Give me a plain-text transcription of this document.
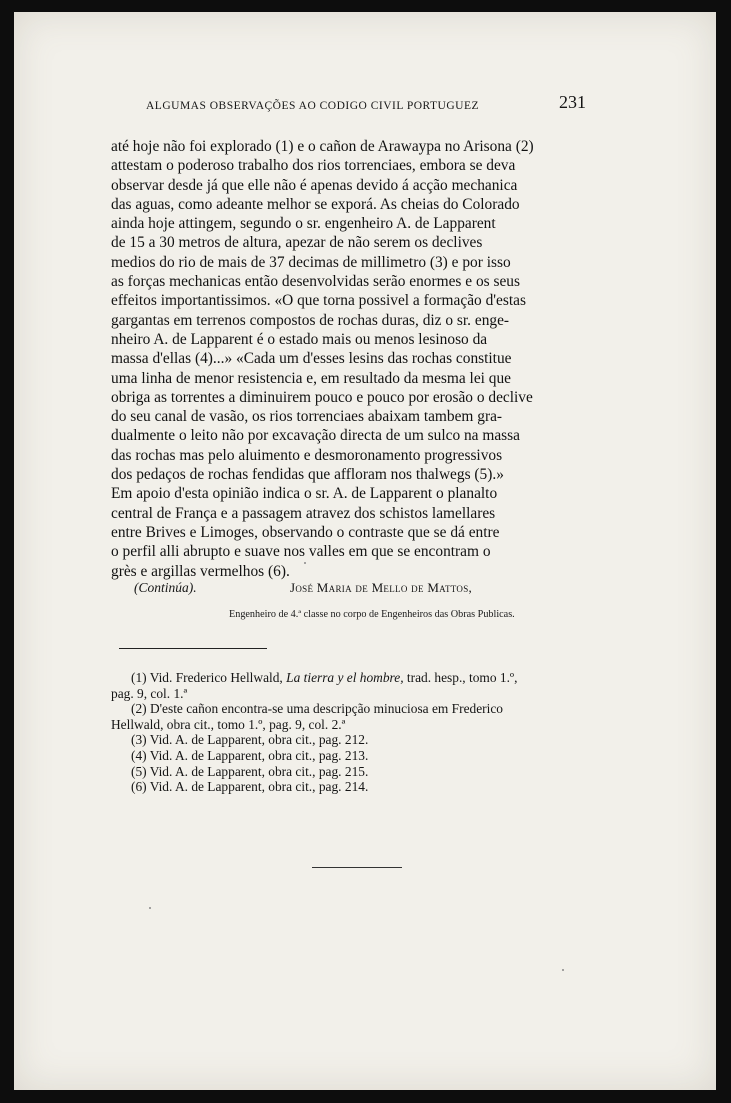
ALGUMAS OBSERVAÇÕES AO CODIGO CIVIL PORTUGUEZ	231
até hoje não foi explorado (1) e o cañon de Arawaypa no Arisona (2)
attestam o poderoso trabalho dos rios torrenciaes, embora se deva
observar desde já que elle não é apenas devido á acção mechanica
das aguas, como adeante melhor se exporá. As cheias do Colorado
ainda hoje attingem, segundo o sr. engenheiro A. de Lapparent
de 15 a 30 metros de altura, apezar de não serem os declives
medios do rio de mais de 37 decimas de millimetro (3) e por isso
as forças mechanicas então desenvolvidas serão enormes e os seus
effeitos importantissimos. «O que torna possivel a formação d'estas
gargantas em terrenos compostos de rochas duras, diz o sr. enge-
nheiro A. de Lapparent é o estado mais ou menos lesinoso da
massa d'ellas (4)...» «Cada um d'esses lesins das rochas constitue
uma linha de menor resistencia e, em resultado da mesma lei que
obriga as torrentes a diminuirem pouco e pouco por erosão o declive
do seu canal de vasão, os rios torrenciaes abaixam tambem gra-
dualmente o leito não por excavação directa de um sulco na massa
das rochas mas pelo aluimento e desmoronamento progressivos
dos pedaços de rochas fendidas que affloram nos thalwegs (5).»
Em apoio d'esta opinião indica o sr. A. de Lapparent o planalto
central de França e a passagem atravez dos schistos lamellares
entre Brives e Limoges, observando o contraste que se dá entre
o perfil alli abrupto e suave nos valles em que se encontram o
grès e argillas vermelhos (6).
(Continúa).	José Maria de Mello de Mattos,
Engenheiro de 4.ª classe no corpo de Engenheiros das Obras Publicas.

(1) Vid. Frederico Hellwald, La tierra y el hombre, trad. hesp., tomo 1.º,
pag. 9, col. 1.ª

(2) D'este cañon encontra-se uma descripção minuciosa em Frederico
Hellwald, obra cit., tomo 1.º, pag. 9, col. 2.ª

(3) Vid. A. de Lapparent, obra cit., pag. 212.

(4) Vid. A. de Lapparent, obra cit., pag. 213.

(5) Vid. A. de Lapparent, obra cit., pag. 215.

(6) Vid. A. de Lapparent, obra cit., pag. 214.
